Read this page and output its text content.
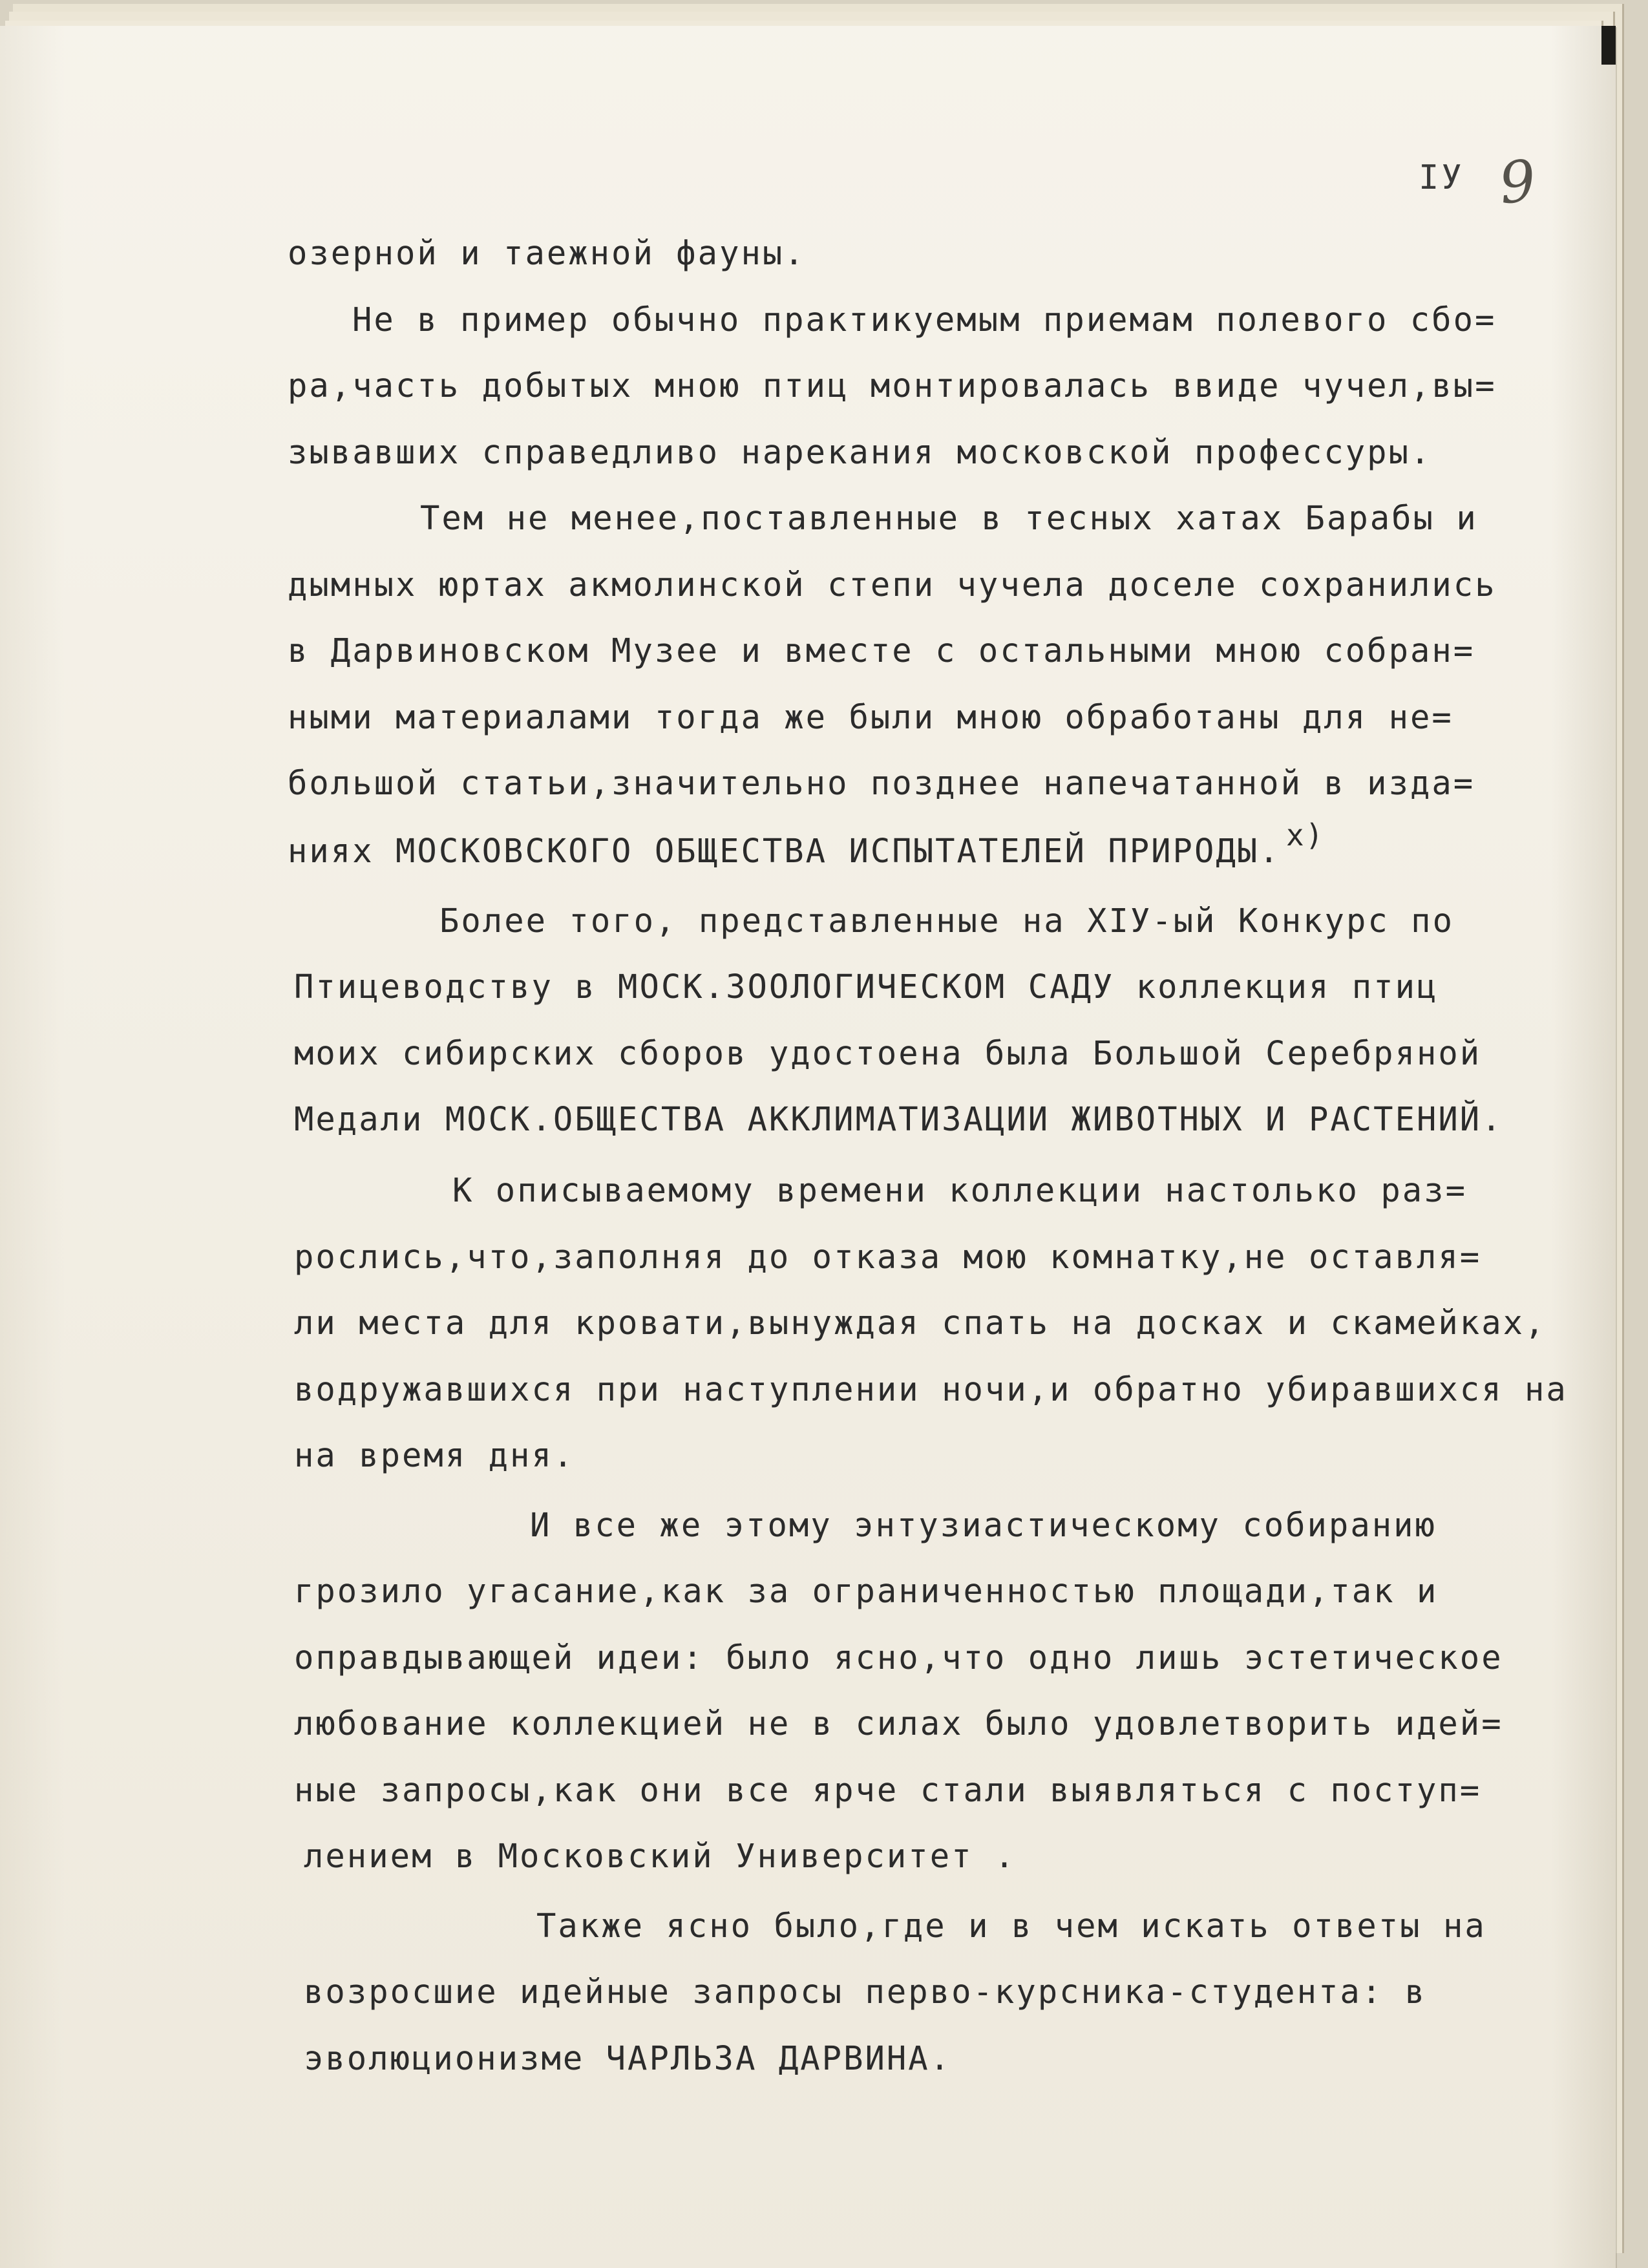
IУ 9
озерной и таежной фауны.
Не в пример обычно практикуемым приемам полевого сбо=
ра,часть добытых мною птиц монтировалась ввиде чучел,вы=
зывавших справедливо нарекания московской профессуры.
Тем не менее,поставленные в тесных хатах Барабы и
дымных юртах акмолинской степи чучела доселе сохранились
в Дарвиновском Музее и вместе с остальными мною собран=
ными материалами тогда же были мною обработаны для не=
большой статьи,значительно позднее напечатанной в изда=
ниях МОСКОВСКОГО ОБЩЕСТВА ИСПЫТАТЕЛЕЙ ПРИРОДЫ. x)
Более того, представленные на XIУ-ый Конкурс по
Птицеводству в МОСК.ЗООЛОГИЧЕСКОМ САДУ коллекция птиц
моих сибирских сборов удостоена была Большой Серебряной
Медали МОСК.ОБЩЕСТВА АККЛИМАТИЗАЦИИ ЖИВОТНЫХ И РАСТЕНИЙ.
К описываемому времени коллекции настолько раз=
рослись,что,заполняя до отказа мою комнатку,не оставля=
ли места для кровати,вынуждая спать на досках и скамейках,
водружавшихся при наступлении ночи,и обратно убиравшихся на
на время дня.
И все же этому энтузиастическому собиранию
грозило угасание,как за ограниченностью площади,так и
оправдывающей идеи: было ясно,что одно лишь эстетическое
любование коллекцией не в силах было удовлетворить идей=
ные запросы,как они все ярче стали выявляться с поступ=
лением в Московский Университет .
Также ясно было,где и в чем искать ответы на
возросшие идейные запросы перво-курсника-студента: в
эволюционизме ЧАРЛЬЗА ДАРВИНА.
